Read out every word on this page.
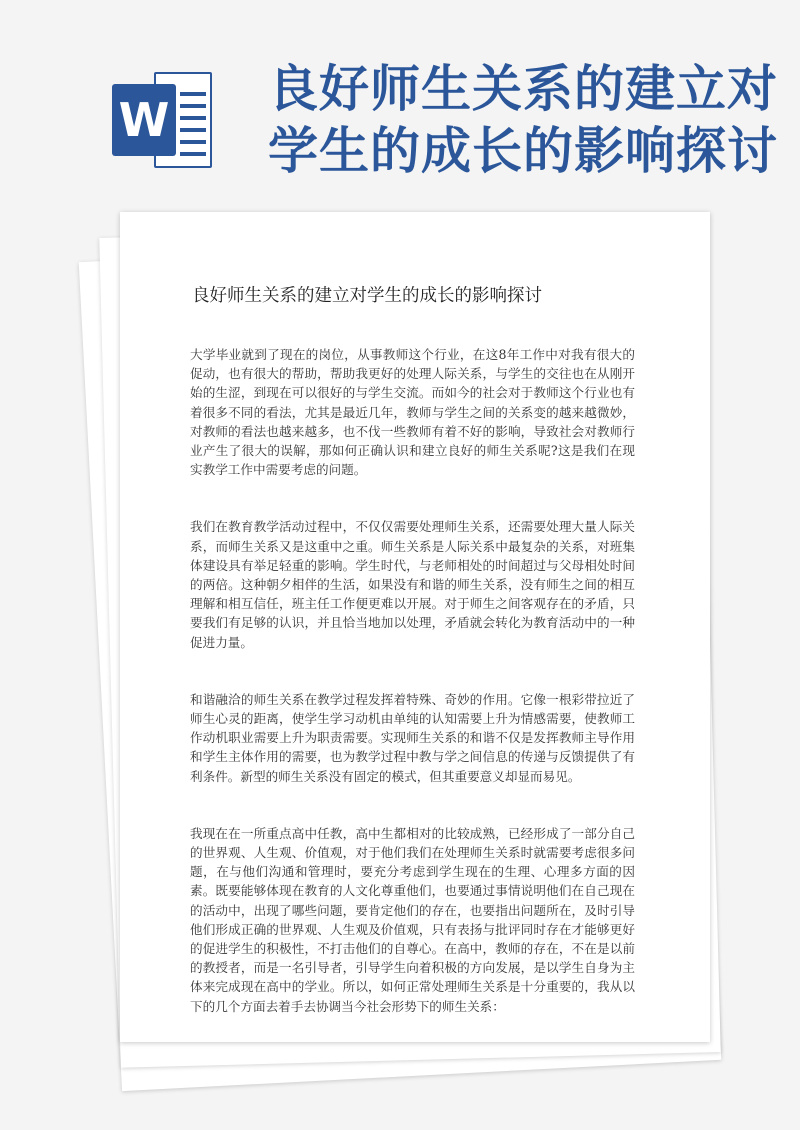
W
良好师生关系的建立对
学生的成长的影响探讨
良好师生关系的建立对学生的成长的影响探讨

大学毕业就到了现在的岗位，从事教师这个行业，在这8年工作中对我有很大的促动，也有很大的帮助，帮助我更好的处理人际关系，与学生的交往也在从刚开始的生涩，到现在可以很好的与学生交流。而如今的社会对于教师这个行业也有着很多不同的看法，尤其是最近几年，教师与学生之间的关系变的越来越微妙，对教师的看法也越来越多，也不伐一些教师有着不好的影响，导致社会对教师行业产生了很大的误解，那如何正确认识和建立良好的师生关系呢?这是我们在现实教学工作中需要考虑的问题。

我们在教育教学活动过程中，不仅仅需要处理师生关系，还需要处理大量人际关系，而师生关系又是这重中之重。师生关系是人际关系中最复杂的关系，对班集体建设具有举足轻重的影响。学生时代，与老师相处的时间超过与父母相处时间的两倍。这种朝夕相伴的生活，如果没有和谐的师生关系，没有师生之间的相互理解和相互信任，班主任工作便更难以开展。对于师生之间客观存在的矛盾，只要我们有足够的认识，并且恰当地加以处理，矛盾就会转化为教育活动中的一种促进力量。

和谐融洽的师生关系在教学过程发挥着特殊、奇妙的作用。它像一根彩带拉近了师生心灵的距离，使学生学习动机由单纯的认知需要上升为情感需要，使教师工作动机职业需要上升为职责需要。实现师生关系的和谐不仅是发挥教师主导作用和学生主体作用的需要，也为教学过程中教与学之间信息的传递与反馈提供了有利条件。新型的师生关系没有固定的模式，但其重要意义却显而易见。

我现在在一所重点高中任教，高中生都相对的比较成熟，已经形成了一部分自己的世界观、人生观、价值观，对于他们我们在处理师生关系时就需要考虑很多问题，在与他们沟通和管理时，要充分考虑到学生现在的生理、心理多方面的因素。既要能够体现在教育的人文化尊重他们，也要通过事情说明他们在自己现在的活动中，出现了哪些问题，要肯定他们的存在，也要指出问题所在，及时引导他们形成正确的世界观、人生观及价值观，只有表扬与批评同时存在才能够更好的促进学生的积极性，不打击他们的自尊心。在高中，教师的存在，不在是以前的教授者，而是一名引导者，引导学生向着积极的方向发展，是以学生自身为主体来完成现在高中的学业。所以，如何正常处理师生关系是十分重要的，我从以下的几个方面去着手去协调当今社会形势下的师生关系：
